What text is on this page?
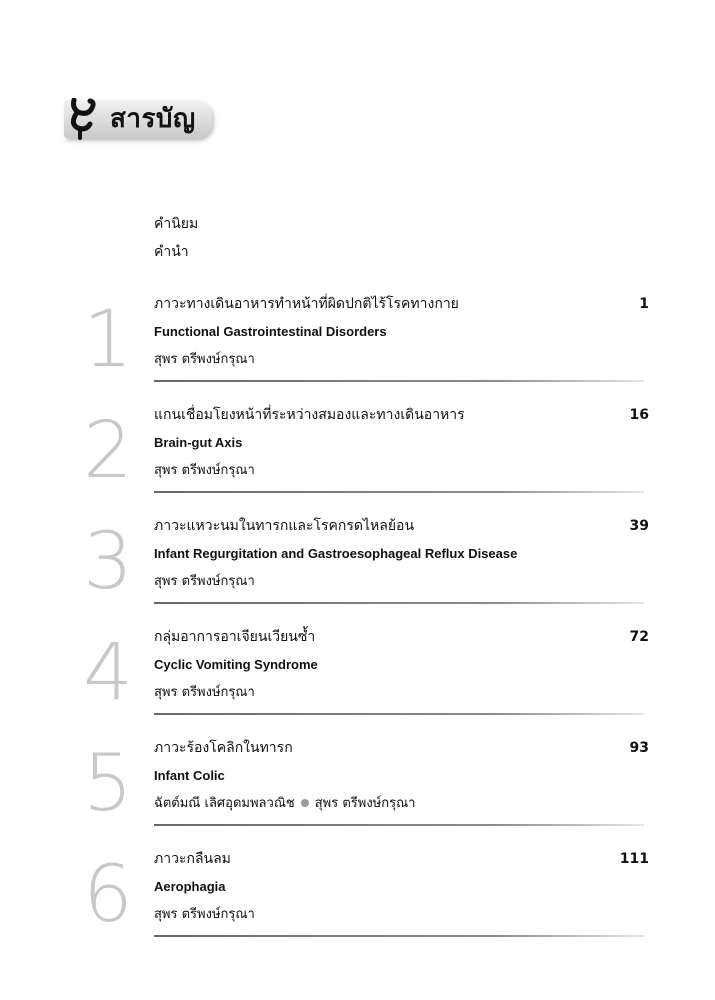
สารบัญ
คำนิยม
คำนำ
1	ภาวะทางเดินอาหารทำหน้าที่ผิดปกติไร้โรคทางกาย	1
Functional Gastrointestinal Disorders
สุพร ตรีพงษ์กรุณา
2	แกนเชื่อมโยงหน้าที่ระหว่างสมองและทางเดินอาหาร	16
Brain-gut Axis
สุพร ตรีพงษ์กรุณา
3	ภาวะแหวะนมในทารกและโรคกรดไหลย้อน	39
Infant Regurgitation and Gastroesophageal Reflux Disease
สุพร ตรีพงษ์กรุณา
4	กลุ่มอาการอาเจียนเวียนซ้ำ	72
Cyclic Vomiting Syndrome
สุพร ตรีพงษ์กรุณา
5	ภาวะร้องโคลิกในทารก	93
Infant Colic
ฉัตต์มณี เลิศอุดมพลวณิช สุพร ตรีพงษ์กรุณา
6	ภาวะกลืนลม	111
Aerophagia
สุพร ตรีพงษ์กรุณา
